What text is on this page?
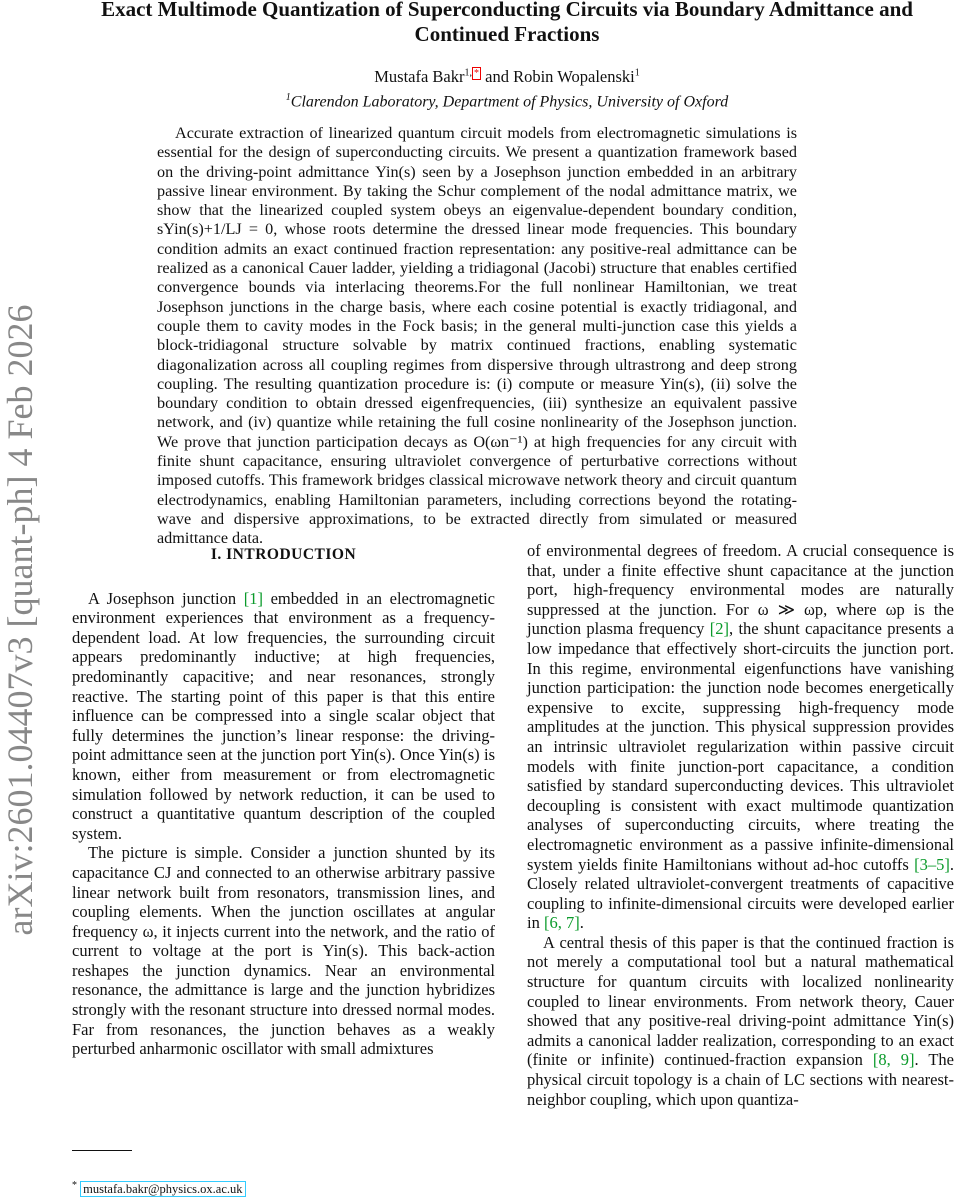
arXiv:2601.04407v3 [quant-ph] 4 Feb 2026
Exact Multimode Quantization of Superconducting Circuits via Boundary Admittance and Continued Fractions
Mustafa Bakr$^{1,}$ * and Robin Wopalenski$^1$
$^1$Clarendon Laboratory, Department of Physics, University of Oxford
Accurate extraction of linearized quantum circuit models from electromagnetic simulations is essential for the design of superconducting circuits. We present a quantization framework based on the driving-point admittance Yin(s) seen by a Josephson junction embedded in an arbitrary passive linear environment. By taking the Schur complement of the nodal admittance matrix, we show that the linearized coupled system obeys an eigenvalue-dependent boundary condition, sYin(s)+1/LJ = 0, whose roots determine the dressed linear mode frequencies. This boundary condition admits an exact continued fraction representation: any positive-real admittance can be realized as a canonical Cauer ladder, yielding a tridiagonal (Jacobi) structure that enables certified convergence bounds via interlacing theorems.For the full nonlinear Hamiltonian, we treat Josephson junctions in the charge basis, where each cosine potential is exactly tridiagonal, and couple them to cavity modes in the Fock basis; in the general multi-junction case this yields a block-tridiagonal structure solvable by matrix continued fractions, enabling systematic diagonalization across all coupling regimes from dispersive through ultrastrong and deep strong coupling. The resulting quantization procedure is: (i) compute or measure Yin(s), (ii) solve the boundary condition to obtain dressed eigenfrequencies, (iii) synthesize an equivalent passive network, and (iv) quantize while retaining the full cosine nonlinearity of the Josephson junction. We prove that junction participation decays as O(ωn⁻¹) at high frequencies for any circuit with finite shunt capacitance, ensuring ultraviolet convergence of perturbative corrections without imposed cutoffs. This framework bridges classical microwave network theory and circuit quantum electrodynamics, enabling Hamiltonian parameters, including corrections beyond the rotating-wave and dispersive approximations, to be extracted directly from simulated or measured admittance data.
I. INTRODUCTION

A Josephson junction [1] embedded in an electromagnetic environment experiences that environment as a frequency-dependent load. At low frequencies, the surrounding circuit appears predominantly inductive; at high frequencies, predominantly capacitive; and near resonances, strongly reactive. The starting point of this paper is that this entire influence can be compressed into a single scalar object that fully determines the junction’s linear response: the driving-point admittance seen at the junction port Yin(s). Once Yin(s) is known, either from measurement or from electromagnetic simulation followed by network reduction, it can be used to construct a quantitative quantum description of the coupled system.

The picture is simple. Consider a junction shunted by its capacitance CJ and connected to an otherwise arbitrary passive linear network built from resonators, transmission lines, and coupling elements. When the junction oscillates at angular frequency ω, it injects current into the network, and the ratio of current to voltage at the port is Yin(s). This back-action reshapes the junction dynamics. Near an environmental resonance, the admittance is large and the junction hybridizes strongly with the resonant structure into dressed normal modes. Far from resonances, the junction behaves as a weakly perturbed anharmonic oscillator with small admixtures

of environmental degrees of freedom. A crucial consequence is that, under a finite effective shunt capacitance at the junction port, high-frequency environmental modes are naturally suppressed at the junction. For ω ≫ ωp, where ωp is the junction plasma frequency [2], the shunt capacitance presents a low impedance that effectively short-circuits the junction port. In this regime, environmental eigenfunctions have vanishing junction participation: the junction node becomes energetically expensive to excite, suppressing high-frequency mode amplitudes at the junction. This physical suppression provides an intrinsic ultraviolet regularization within passive circuit models with finite junction-port capacitance, a condition satisfied by standard superconducting devices. This ultraviolet decoupling is consistent with exact multimode quantization analyses of superconducting circuits, where treating the electromagnetic environment as a passive infinite-dimensional system yields finite Hamiltonians without ad-hoc cutoffs [3–5]. Closely related ultraviolet-convergent treatments of capacitive coupling to infinite-dimensional circuits were developed earlier in [6, 7].

A central thesis of this paper is that the continued fraction is not merely a computational tool but a natural mathematical structure for quantum circuits with localized nonlinearity coupled to linear environments. From network theory, Cauer showed that any positive-real driving-point admittance Yin(s) admits a canonical ladder realization, corresponding to an exact (finite or infinite) continued-fraction expansion [8, 9]. The physical circuit topology is a chain of LC sections with nearest-neighbor coupling, which upon quantiza-

* mustafa.bakr@physics.ox.ac.uk
